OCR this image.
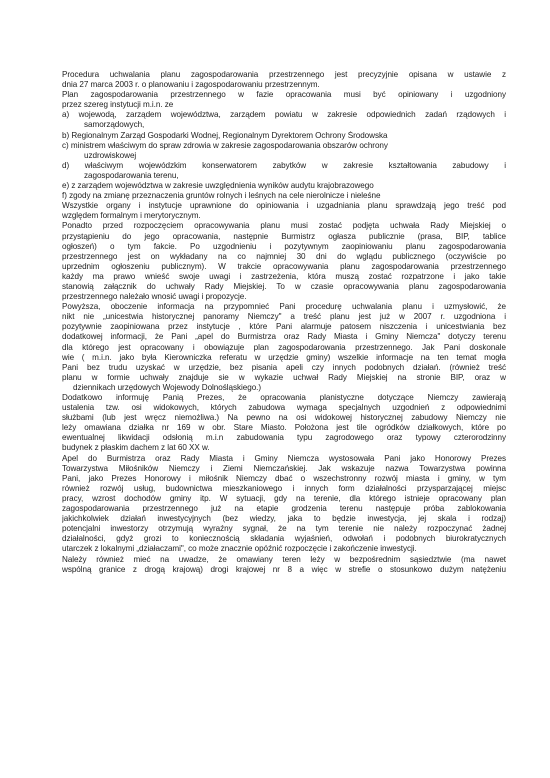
Procedura uchwalania planu zagospodarowania przestrzennego jest precyzyjnie opisana w ustawie z
dnia 27 marca 2003 r. o planowaniu i zagospodarowaniu przestrzennym.
Plan zagospodarowania przestrzennego w fazie opracowania musi być opiniowany i uzgodniony
przez szereg instytucji m.i.n. ze
a) wojewodą, zarządem województwa, zarządem powiatu w zakresie odpowiednich zadań rządowych i
samorządowych,
b) Regionalnym Zarząd Gospodarki Wodnej, Regionalnym Dyrektorem Ochrony Środowska
c) ministrem właściwym do spraw zdrowia w zakresie zagospodarowania obszarów ochrony
uzdrowiskowej
d) właściwym wojewódzkim konserwatorem zabytków w zakresie kształtowania zabudowy i
zagospodarowania terenu,
e) z zarządem województwa w zakresie uwzględnienia wyników audytu krajobrazowego
f) zgody na zmianę przeznaczenia gruntów rolnych i leśnych na cele nierolnicze i nieleśne
Wszystkie organy i instytucje uprawnione do opiniowania i uzgadniania planu sprawdzają jego treść pod
względem formalnym i merytorycznym.
Ponadto przed rozpoczęciem opracowywania planu musi zostać podjęta uchwała Rady Miejskiej o
przystąpieniu do jego opracowania, następnie Burmistrz ogłasza publicznie (prasa, BIP, tablice
ogłoszeń) o tym fakcie. Po uzgodnieniu i pozytywnym zaopiniowaniu planu zagospodarowania
przestrzennego jest on wykładany na co najmniej 30 dni do wglądu publicznego (oczywiście po
uprzednim ogłoszeniu publicznym). W trakcie opracowywania planu zagospodarowania przestrzennego
każdy ma prawo wnieść swoje uwagi i zastrzeżenia, która muszą zostać rozpatrzone i jako takie
stanowią załącznik do uchwały Rady Miejskiej. To w czasie opracowywania planu zagospodarowania
przestrzennego należało wnosić uwagi i propozycje.
Powyższa, oboczenie informacja na przypomnieć Pani procedurę uchwalania planu i uzmysłowić, że
nikt nie „unicestwia historycznej panoramy Niemczy" a treść planu jest już w 2007 r. uzgodniona i
pozytywnie zaopiniowana przez instytucje , które Pani alarmuje patosem niszczenia i unicestwiania bez
dodatkowej informacji, że Pani „apel do Burmistrza oraz Rady Miasta i Gminy Niemcza" dotyczy terenu
dla którego jest opracowany i obowiązuje plan zagospodarowania przestrzennego. Jak Pani doskonale
wie ( m.i.n. jako była Kierowniczka referatu w urzędzie gminy) wszelkie informacje na ten temat mogła
Pani bez trudu uzyskać w urzędzie, bez pisania apeli czy innych podobnych działań. (również treść
planu w formie uchwały znajduje sie w wykazie uchwał Rady Miejskiej na stronie BIP, oraz w
dziennikach urzędowych Wojewody Dolnośląskiego.)
Dodatkowo informuję Panią Prezes, że opracowania planistyczne dotyczące Niemczy zawierają
ustalenia tzw. osi widokowych, których zabudowa wymaga specjalnych uzgodnień z odpowiednimi
służbami (lub jest wręcz niemożliwa.) Na pewno na osi widokowej historycznej zabudowy Niemczy nie
leży omawiana działka nr 169 w obr. Stare Miasto. Położona jest tile ogródków działkowych, które po
ewentualnej likwidacji odsłonią m.i.n zabudowania typu zagrodowego oraz typowy czterorodzinny
budynek z płaskim dachem z lat 60 XX w.
Apel do Burmistrza oraz Rady Miasta i Gminy Niemcza wystosowała Pani jako Honorowy Prezes
Towarzystwa Miłośników Niemczy i Ziemi Niemczańskiej. Jak wskazuje nazwa Towarzystwa powinna
Pani, jako Prezes Honorowy i miłośnik Niemczy dbać o wszechstronny rozwój miasta i gminy, w tym
również rozwój usług, budownictwa mieszkaniowego i innych form działalności przysparzającej miejsc
pracy, wzrost dochodów gminy itp. W sytuacji, gdy na terenie, dla którego istnieje opracowany plan
zagospodarowania przestrzennego już na etapie grodzenia terenu następuje próba zablokowania
jakichkolwiek działań inwestycyjnych (bez wiedzy, jaka to będzie inwestycja, jej skala i rodzaj)
potencjalni inwestorzy otrzymują wyraźny sygnał, że na tym terenie nie należy rozpoczynać żadnej
działalności, gdyż grozi to koniecznością składania wyjaśnień, odwołań i podobnych biurokratycznych
utarczek z lokalnymi „działaczami", co może znacznie opóźnić rozpoczęcie i zakończenie inwestycji.
Należy również mieć na uwadze, że omawiany teren leży w bezpośrednim sąsiedztwie (ma nawet
wspólną granice z drogą krajową) drogi krajowej nr 8 a więc w strefie o stosunkowo dużym natężeniu
